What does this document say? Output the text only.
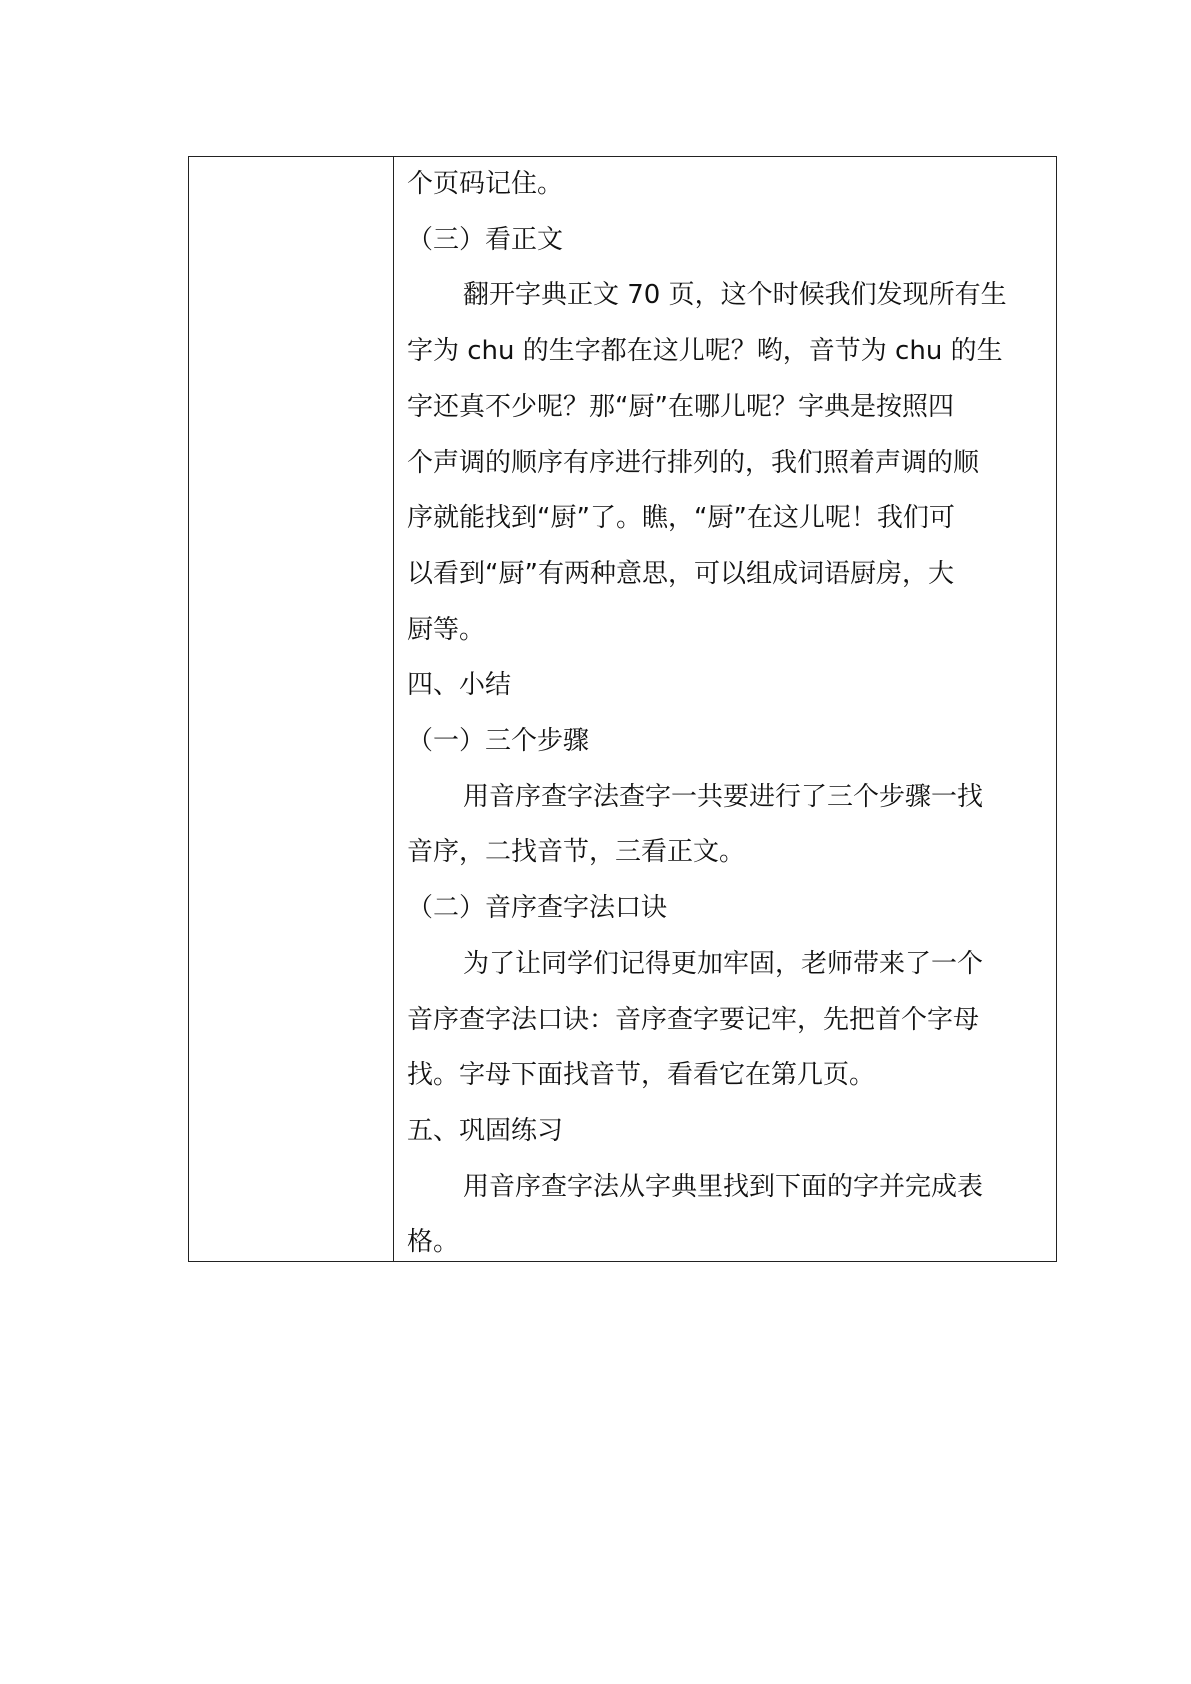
个页码记住。

（三）看正文

翻开字典正文 70 页，这个时候我们发现所有生

字为 chu 的生字都在这儿呢？哟，音节为 chu 的生

字还真不少呢？那“厨”在哪儿呢？字典是按照四

个声调的顺序有序进行排列的，我们照着声调的顺

序就能找到“厨”了。瞧，“厨”在这儿呢！我们可

以看到“厨”有两种意思，可以组成词语厨房，大

厨等。

四、小结

（一）三个步骤

用音序查字法查字一共要进行了三个步骤一找

音序，二找音节，三看正文。

（二）音序查字法口诀

为了让同学们记得更加牢固，老师带来了一个

音序查字法口诀：音序查字要记牢，先把首个字母

找。字母下面找音节，看看它在第几页。

五、巩固练习

用音序查字法从字典里找到下面的字并完成表

格。
